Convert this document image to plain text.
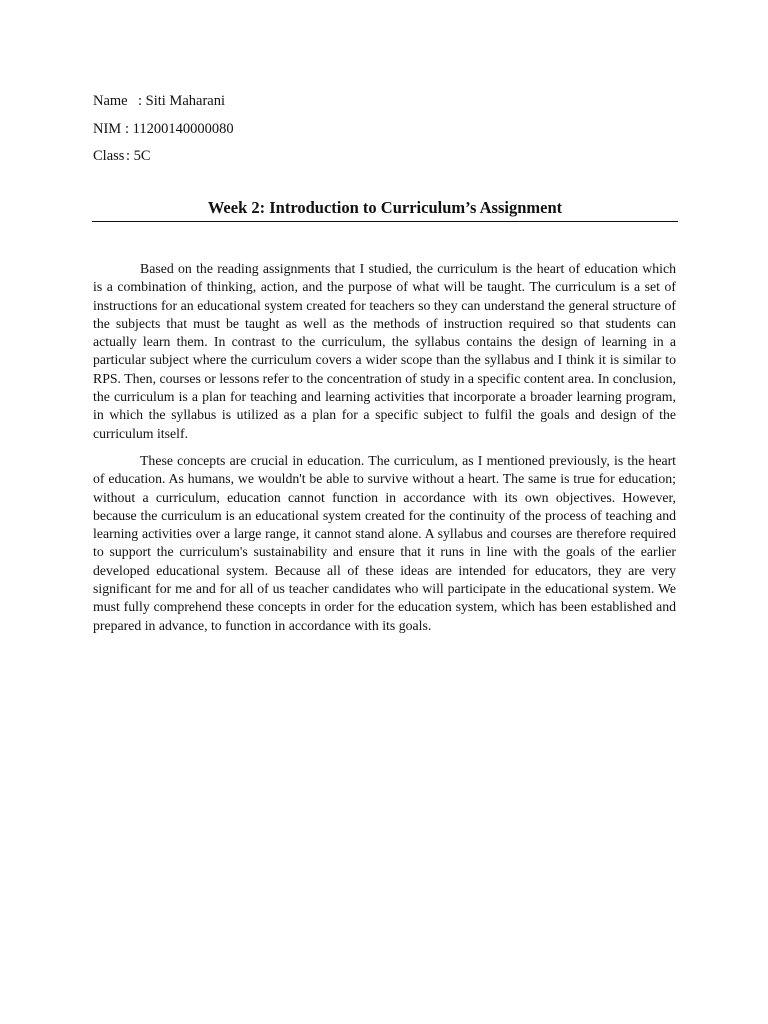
Name : Siti Maharani
NIM : 11200140000080
Class : 5C
Week 2: Introduction to Curriculum’s Assignment

Based on the reading assignments that I studied, the curriculum is the heart of education which is a combination of thinking, action, and the purpose of what will be taught. The curriculum is a set of instructions for an educational system created for teachers so they can understand the general structure of the subjects that must be taught as well as the methods of instruction required so that students can actually learn them. In contrast to the curriculum, the syllabus contains the design of learning in a particular subject where the curriculum covers a wider scope than the syllabus and I think it is similar to RPS. Then, courses or lessons refer to the concentration of study in a specific content area. In conclusion, the curriculum is a plan for teaching and learning activities that incorporate a broader learning program, in which the syllabus is utilized as a plan for a specific subject to fulfil the goals and design of the curriculum itself.

These concepts are crucial in education. The curriculum, as I mentioned previously, is the heart of education. As humans, we wouldn't be able to survive without a heart. The same is true for education; without a curriculum, education cannot function in accordance with its own objectives. However, because the curriculum is an educational system created for the continuity of the process of teaching and learning activities over a large range, it cannot stand alone. A syllabus and courses are therefore required to support the curriculum's sustainability and ensure that it runs in line with the goals of the earlier developed educational system. Because all of these ideas are intended for educators, they are very significant for me and for all of us teacher candidates who will participate in the educational system. We must fully comprehend these concepts in order for the education system, which has been established and prepared in advance, to function in accordance with its goals.
